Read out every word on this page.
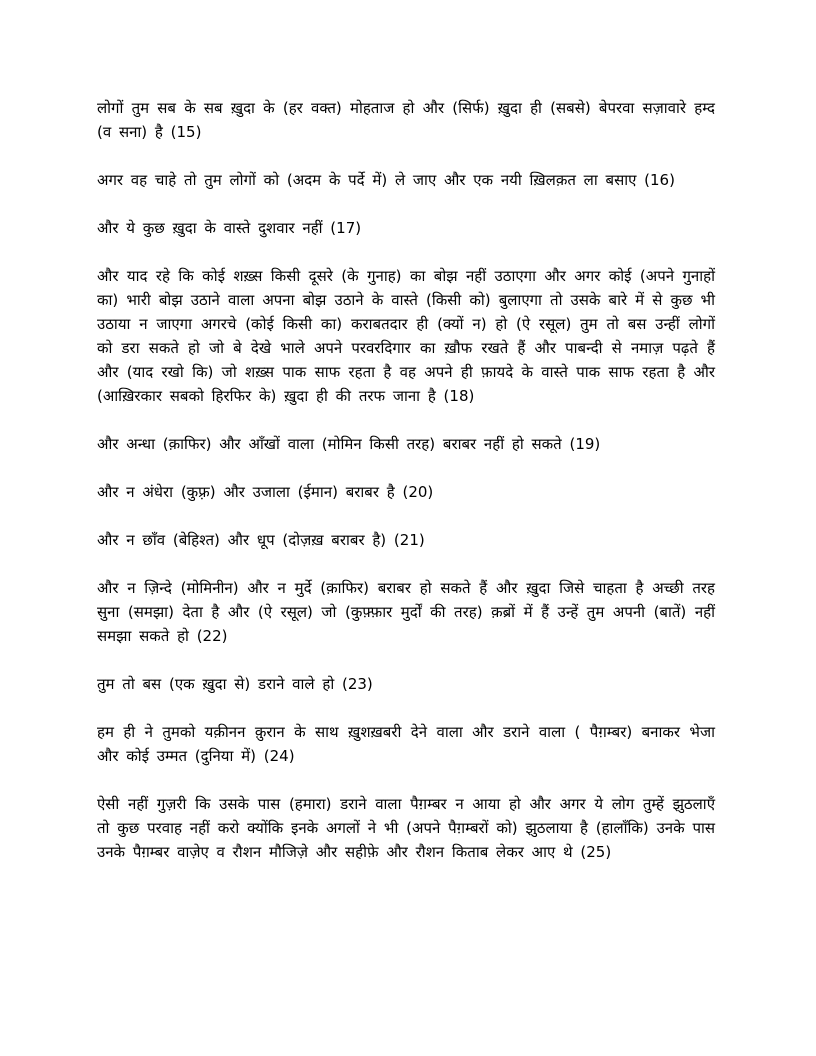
लोगों तुम सब के सब ख़ुदा के (हर वक्त) मोहताज हो और (सिर्फ) ख़ुदा ही (सबसे) बेपरवा सज़ावारे हम्द (व सना) है (15)

अगर वह चाहे तो तुम लोगों को (अदम के पर्दे में) ले जाए और एक नयी ख़िलक़त ला बसाए (16)

और ये कुछ ख़ुदा के वास्ते दुशवार नहीं (17)

और याद रहे कि कोई शख़्स किसी दूसरे (के गुनाह) का बोझ नहीं उठाएगा और अगर कोई (अपने गुनाहों का) भारी बोझ उठाने वाला अपना बोझ उठाने के वास्ते (किसी को) बुलाएगा तो उसके बारे में से कुछ भी उठाया न जाएगा अगरचे (कोई किसी का) कराबतदार ही (क्यों न) हो (ऐ रसूल) तुम तो बस उन्हीं लोगों को डरा सकते हो जो बे देखे भाले अपने परवरदिगार का ख़ौफ रखते हैं और पाबन्दी से नमाज़ पढ़ते हैं और (याद रखो कि) जो शख़्स पाक साफ रहता है वह अपने ही फ़ायदे के वास्ते पाक साफ रहता है और (आख़िरकार सबको हिरफिर के) ख़ुदा ही की तरफ जाना है (18)

और अन्धा (क़ाफिर) और आँखों वाला (मोमिन किसी तरह) बराबर नहीं हो सकते (19)

और न अंधेरा (कुफ़्र) और उजाला (ईमान) बराबर है (20)

और न छाँव (बेहिश्त) और धूप (दोज़ख़ बराबर है) (21)

और न ज़िन्दे (मोमिनीन) और न मुर्दे (क़ाफिर) बराबर हो सकते हैं और ख़ुदा जिसे चाहता है अच्छी तरह सुना (समझा) देता है और (ऐ रसूल) जो (कुफ़्फ़ार मुर्दों की तरह) क़ब्रों में हैं उन्हें तुम अपनी (बातें) नहीं समझा सकते हो (22)

तुम तो बस (एक ख़ुदा से) डराने वाले हो (23)

हम ही ने तुमको यक़ीनन क़ुरान के साथ ख़ुशख़बरी देने वाला और डराने वाला ( पैग़म्बर) बनाकर भेजा और कोई उम्मत (दुनिया में) (24)

ऐसी नहीं गुज़री कि उसके पास (हमारा) डराने वाला पैग़म्बर न आया हो और अगर ये लोग तुम्हें झुठलाएँ तो कुछ परवाह नहीं करो क्योंकि इनके अगलों ने भी (अपने पैग़म्बरों को) झुठलाया है (हालाँकि) उनके पास उनके पैग़म्बर वाज़ेए व रौशन मौजिज़े और सहीफ़े और रौशन किताब लेकर आए थे (25)
